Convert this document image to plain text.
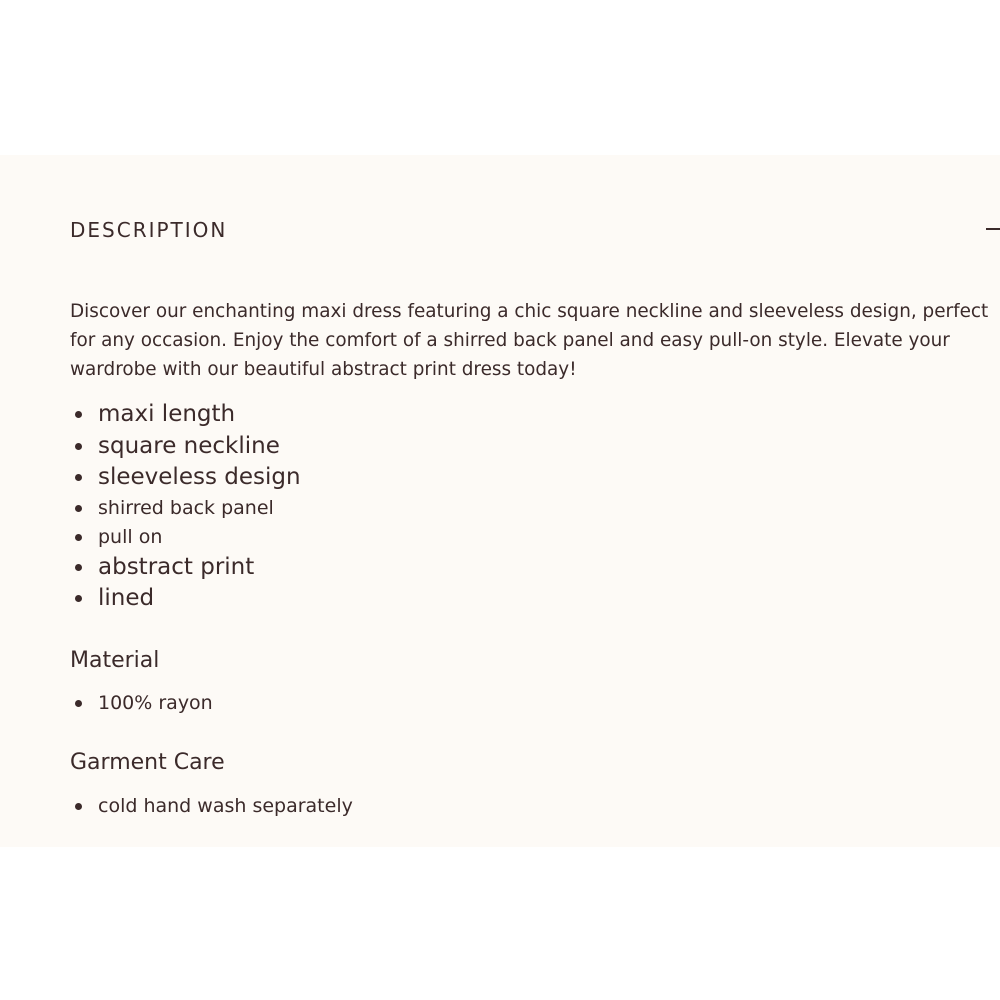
DESCRIPTION

Discover our enchanting maxi dress featuring a chic square neckline and sleeveless design, perfect for any occasion. Enjoy the comfort of a shirred back panel and easy pull-on style. Elevate your wardrobe with our beautiful abstract print dress today!

maxi length
square neckline
sleeveless design
shirred back panel
pull on
abstract print
lined
Material
100% rayon
Garment Care
cold hand wash separately
